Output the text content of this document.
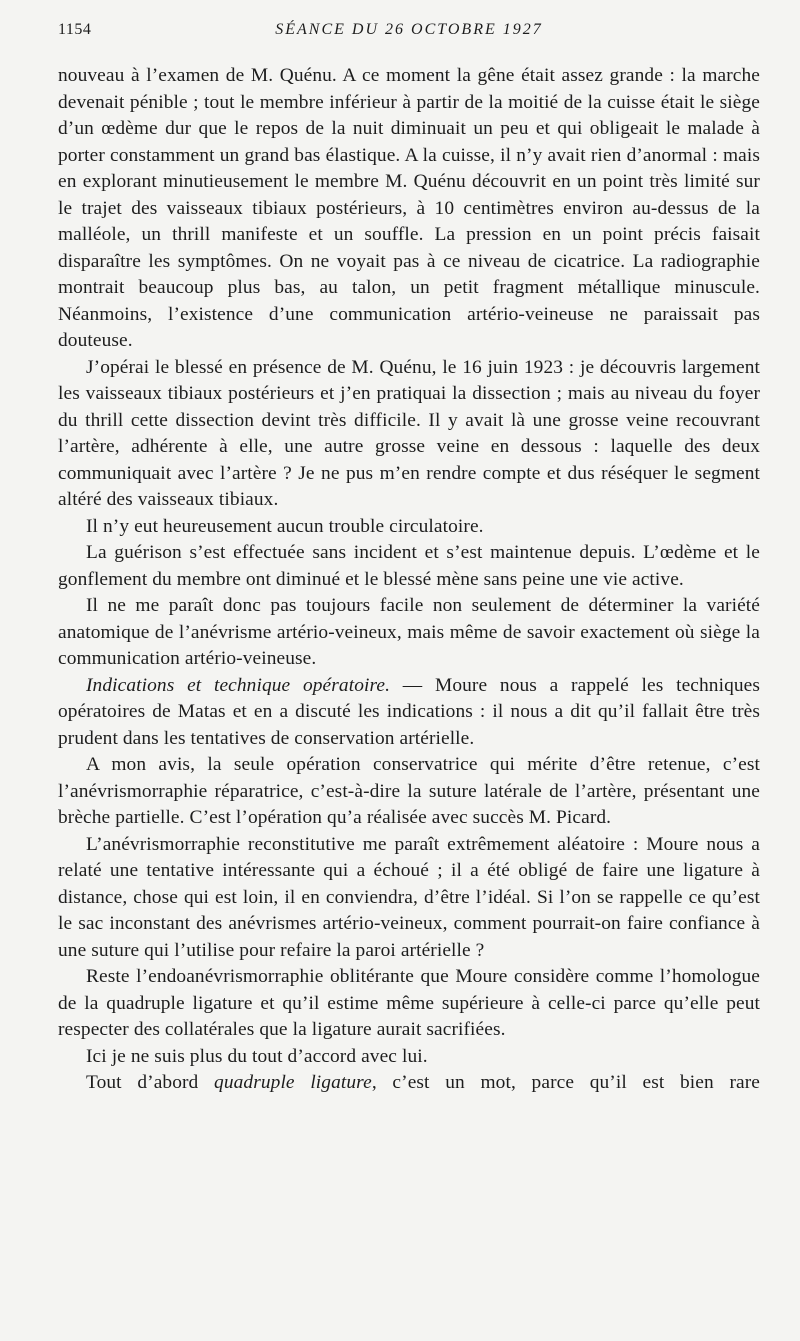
1154	SÉANCE DU 26 OCTOBRE 1927

nouveau à l’examen de M. Quénu. A ce moment la gêne était assez grande : la marche devenait pénible ; tout le membre inférieur à partir de la moitié de la cuisse était le siège d’un œdème dur que le repos de la nuit diminuait un peu et qui obligeait le malade à porter constamment un grand bas élastique. A la cuisse, il n’y avait rien d’anormal : mais en explorant minutieusement le membre M. Quénu découvrit en un point très limité sur le trajet des vaisseaux tibiaux postérieurs, à 10 centimètres environ au-dessus de la malléole, un thrill manifeste et un souffle. La pression en un point précis faisait disparaître les symptômes. On ne voyait pas à ce niveau de cicatrice. La radiographie montrait beaucoup plus bas, au talon, un petit fragment métallique minuscule. Néanmoins, l’existence d’une communication artério-veineuse ne paraissait pas douteuse.

J’opérai le blessé en présence de M. Quénu, le 16 juin 1923 : je découvris largement les vaisseaux tibiaux postérieurs et j’en pratiquai la dissection ; mais au niveau du foyer du thrill cette dissection devint très difficile. Il y avait là une grosse veine recouvrant l’artère, adhérente à elle, une autre grosse veine en dessous : laquelle des deux communiquait avec l’artère ? Je ne pus m’en rendre compte et dus réséquer le segment altéré des vaisseaux tibiaux.

Il n’y eut heureusement aucun trouble circulatoire.

La guérison s’est effectuée sans incident et s’est maintenue depuis. L’œdème et le gonflement du membre ont diminué et le blessé mène sans peine une vie active.

Il ne me paraît donc pas toujours facile non seulement de déterminer la variété anatomique de l’anévrisme artério-veineux, mais même de savoir exactement où siège la communication artério-veineuse.

Indications et technique opératoire. — Moure nous a rappelé les techniques opératoires de Matas et en a discuté les indications : il nous a dit qu’il fallait être très prudent dans les tentatives de conservation artérielle.

A mon avis, la seule opération conservatrice qui mérite d’être retenue, c’est l’anévrismorraphie réparatrice, c’est-à-dire la suture latérale de l’artère, présentant une brèche partielle. C’est l’opération qu’a réalisée avec succès M. Picard.

L’anévrismorraphie reconstitutive me paraît extrêmement aléatoire : Moure nous a relaté une tentative intéressante qui a échoué ; il a été obligé de faire une ligature à distance, chose qui est loin, il en conviendra, d’être l’idéal. Si l’on se rappelle ce qu’est le sac inconstant des anévrismes artério-veineux, comment pourrait-on faire confiance à une suture qui l’utilise pour refaire la paroi artérielle ?

Reste l’endoanévrismorraphie oblitérante que Moure considère comme l’homologue de la quadruple ligature et qu’il estime même supérieure à celle-ci parce qu’elle peut respecter des collatérales que la ligature aurait sacrifiées.

Ici je ne suis plus du tout d’accord avec lui.

Tout d’abord quadruple ligature, c’est un mot, parce qu’il est bien rare
